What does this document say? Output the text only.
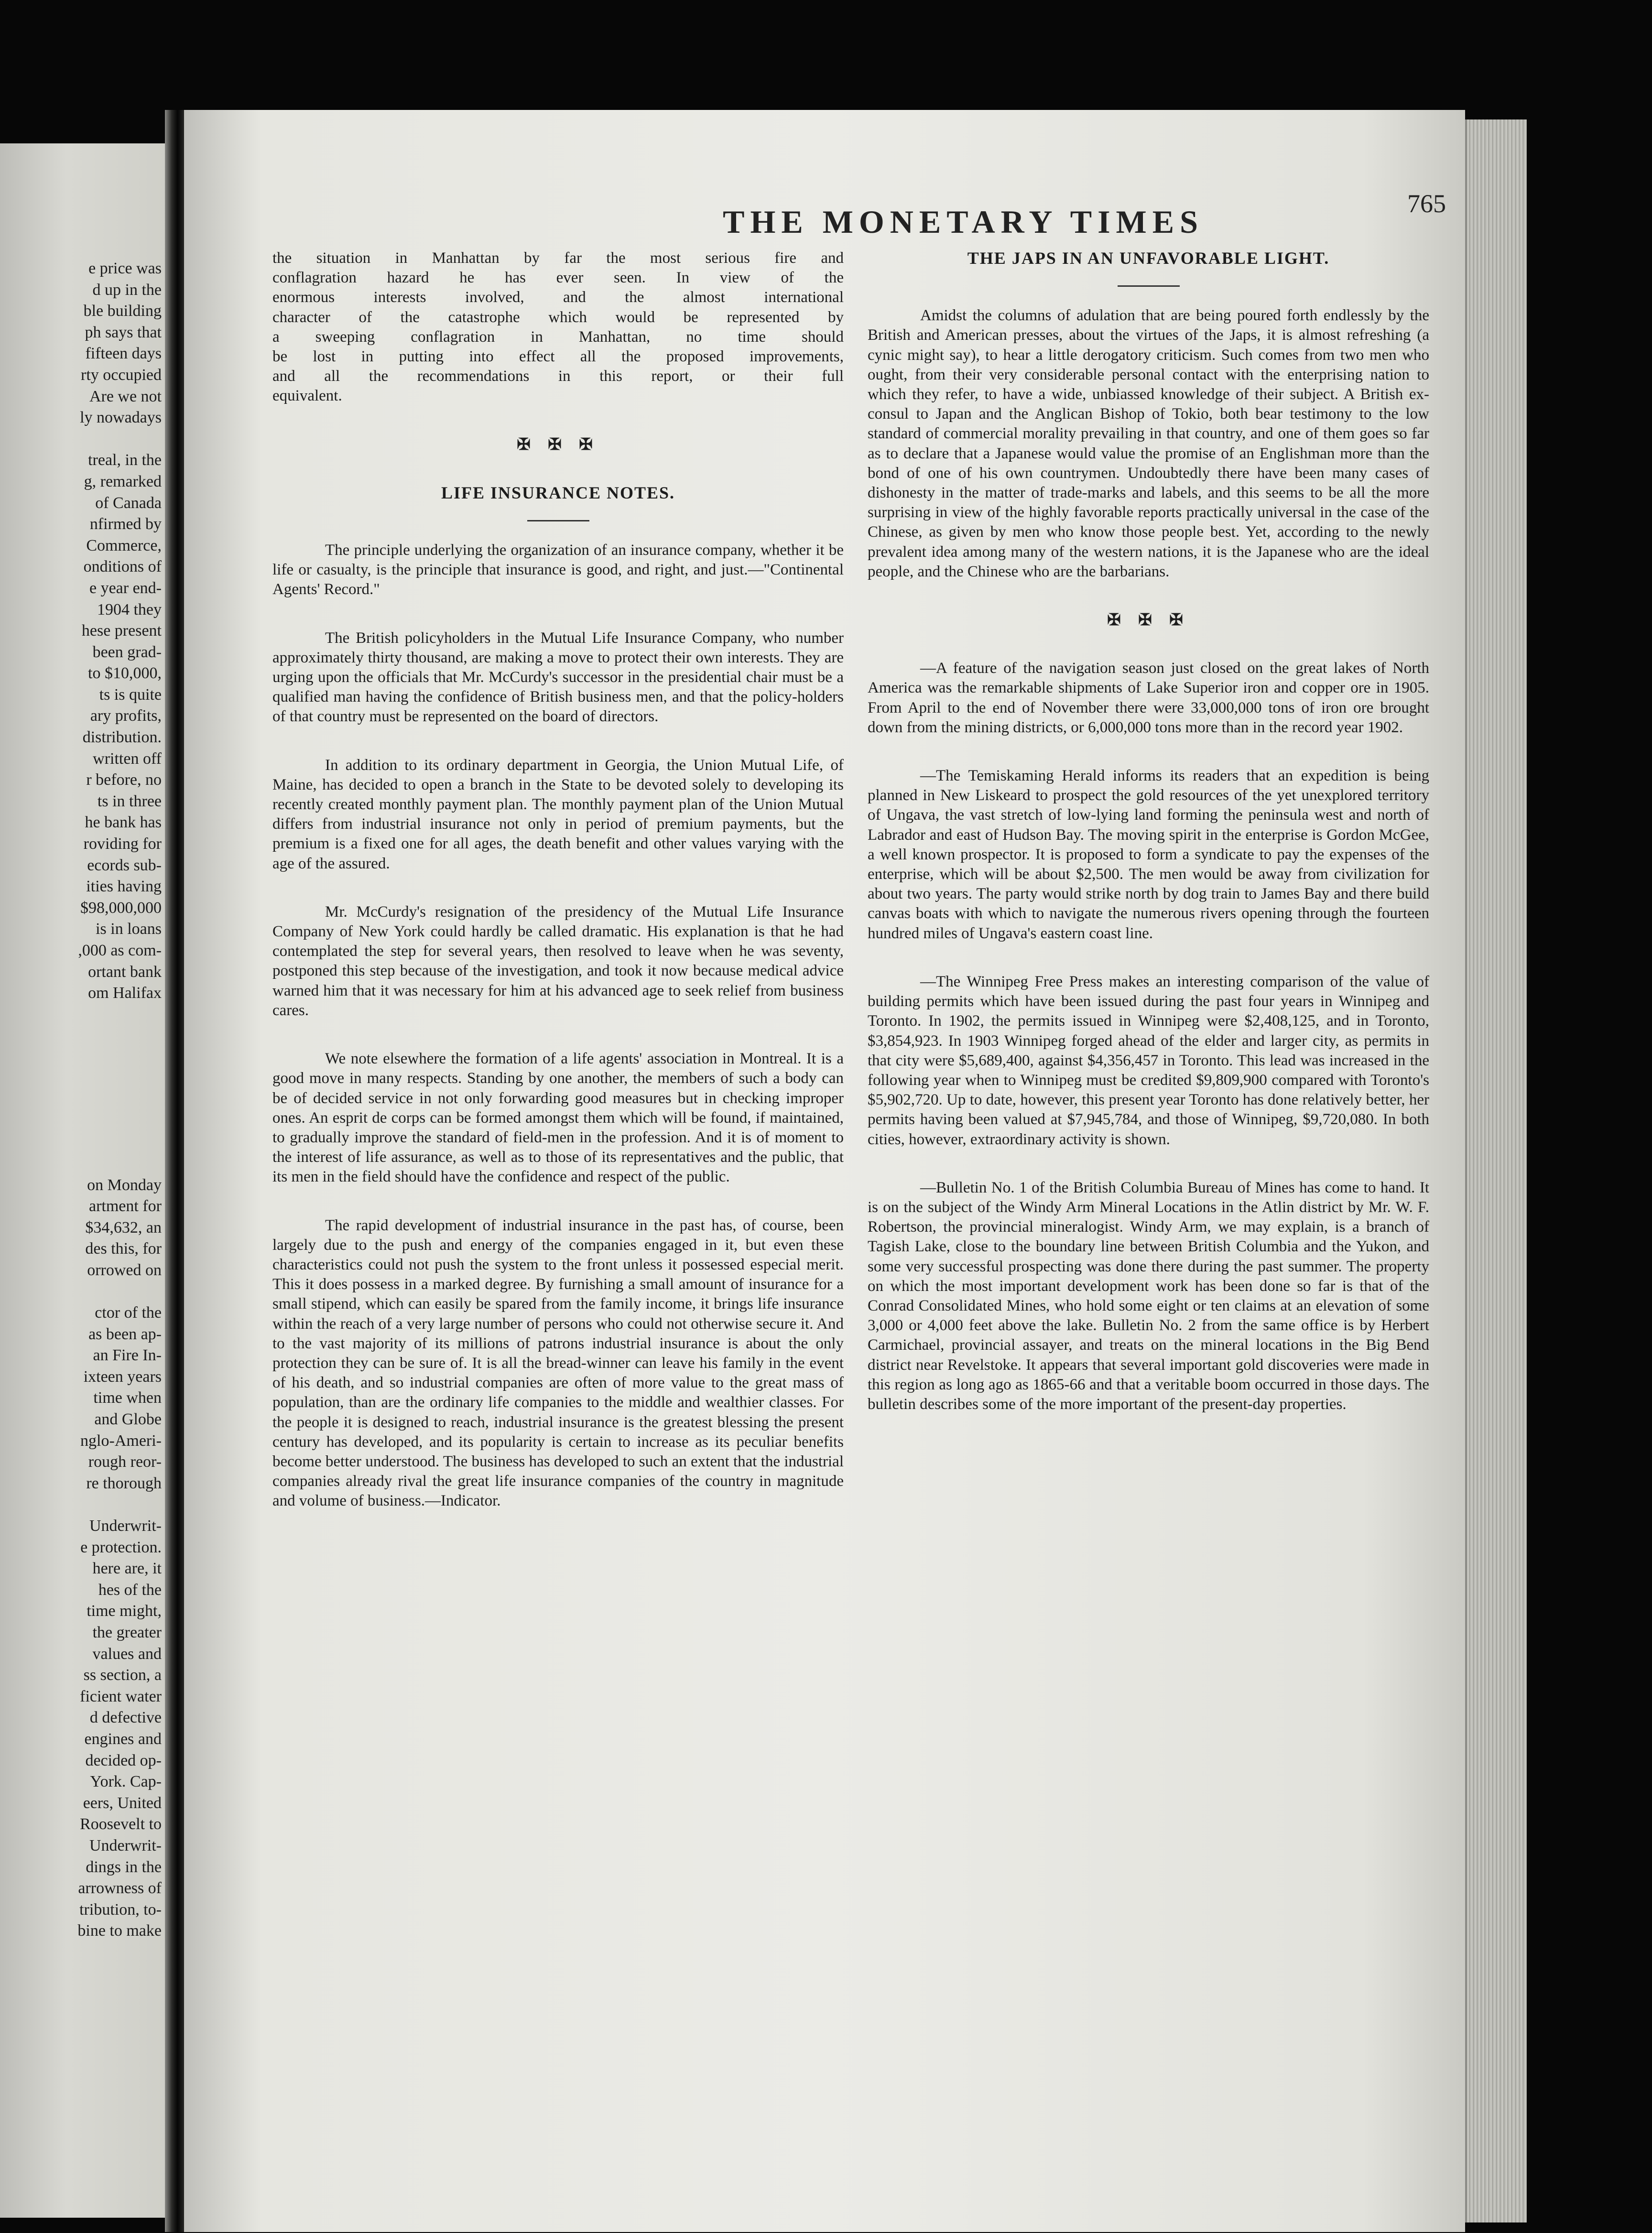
e price was
d up in the
ble building
ph says that
fifteen days
rty occupied
Are we not
ly nowadays
treal, in the
g, remarked
of Canada
nfirmed by
Commerce,
onditions of
e year end-
1904 they
hese present
been grad-
to $10,000,
ts is quite
ary profits,
distribution.
written off
r before, no
ts in three
he bank has
roviding for
ecords sub-
ities having
$98,000,000
is in loans
,000 as com-
ortant bank
om Halifax
on Monday
artment for
$34,632, an
des this, for
orrowed on
ctor of the
as been ap-
an Fire In-
ixteen years
time when
and Globe
nglo-Ameri-
rough reor-
re thorough
Underwrit-
e protection.
here are, it
hes of the
time might,
the greater
values and
ss section, a
ficient water
d defective
engines and
decided op-
York. Cap-
eers, United
Roosevelt to
Underwrit-
dings in the
arrowness of
tribution, to-
bine to make
765
THE MONETARY TIMES

the situation in Manhattan by far the most serious fire and
conflagration hazard he has ever seen. In view of the
enormous interests involved, and the almost international
character of the catastrophe which would be represented by
a sweeping conflagration in Manhattan, no time should
be lost in putting into effect all the proposed improvements,
and all the recommendations in this report, or their full
equivalent.

✠ ✠ ✠
LIFE INSURANCE NOTES.

The principle underlying the organization of an insurance company, whether it be life or casualty, is the principle that insurance is good, and right, and just.—"Continental Agents' Record."

The British policyholders in the Mutual Life Insurance Company, who number approximately thirty thousand, are making a move to protect their own interests. They are urging upon the officials that Mr. McCurdy's successor in the presidential chair must be a qualified man having the confidence of British business men, and that the policy-holders of that country must be represented on the board of directors.

In addition to its ordinary department in Georgia, the Union Mutual Life, of Maine, has decided to open a branch in the State to be devoted solely to developing its recently created monthly payment plan. The monthly payment plan of the Union Mutual differs from industrial insurance not only in period of premium payments, but the premium is a fixed one for all ages, the death benefit and other values varying with the age of the assured.

Mr. McCurdy's resignation of the presidency of the Mutual Life Insurance Company of New York could hardly be called dramatic. His explanation is that he had contemplated the step for several years, then resolved to leave when he was seventy, postponed this step because of the investigation, and took it now because medical advice warned him that it was necessary for him at his advanced age to seek relief from business cares.

We note elsewhere the formation of a life agents' association in Montreal. It is a good move in many respects. Standing by one another, the members of such a body can be of decided service in not only forwarding good measures but in checking improper ones. An esprit de corps can be formed amongst them which will be found, if maintained, to gradually improve the standard of field-men in the profession. And it is of moment to the interest of life assurance, as well as to those of its representatives and the public, that its men in the field should have the confidence and respect of the public.

The rapid development of industrial insurance in the past has, of course, been largely due to the push and energy of the companies engaged in it, but even these characteristics could not push the system to the front unless it possessed especial merit. This it does possess in a marked degree. By furnishing a small amount of insurance for a small stipend, which can easily be spared from the family income, it brings life insurance within the reach of a very large number of persons who could not otherwise secure it. And to the vast majority of its millions of patrons industrial insurance is about the only protection they can be sure of. It is all the bread-winner can leave his family in the event of his death, and so industrial companies are often of more value to the great mass of population, than are the ordinary life companies to the middle and wealthier classes. For the people it is designed to reach, industrial insurance is the greatest blessing the present century has developed, and its popularity is certain to increase as its peculiar benefits become better understood. The business has developed to such an extent that the industrial companies already rival the great life insurance companies of the country in magnitude and volume of business.—Indicator.

THE JAPS IN AN UNFAVORABLE LIGHT.

Amidst the columns of adulation that are being poured forth endlessly by the British and American presses, about the virtues of the Japs, it is almost refreshing (a cynic might say), to hear a little derogatory criticism. Such comes from two men who ought, from their very considerable personal contact with the enterprising nation to which they refer, to have a wide, unbiassed knowledge of their subject. A British ex-consul to Japan and the Anglican Bishop of Tokio, both bear testimony to the low standard of commercial morality prevailing in that country, and one of them goes so far as to declare that a Japanese would value the promise of an Englishman more than the bond of one of his own countrymen. Undoubtedly there have been many cases of dishonesty in the matter of trade-marks and labels, and this seems to be all the more surprising in view of the highly favorable reports practically universal in the case of the Chinese, as given by men who know those people best. Yet, according to the newly prevalent idea among many of the western nations, it is the Japanese who are the ideal people, and the Chinese who are the barbarians.

✠ ✠ ✠

—A feature of the navigation season just closed on the great lakes of North America was the remarkable shipments of Lake Superior iron and copper ore in 1905. From April to the end of November there were 33,000,000 tons of iron ore brought down from the mining districts, or 6,000,000 tons more than in the record year 1902.

—The Temiskaming Herald informs its readers that an expedition is being planned in New Liskeard to prospect the gold resources of the yet unexplored territory of Ungava, the vast stretch of low-lying land forming the peninsula west and north of Labrador and east of Hudson Bay. The moving spirit in the enterprise is Gordon McGee, a well known prospector. It is proposed to form a syndicate to pay the expenses of the enterprise, which will be about $2,500. The men would be away from civilization for about two years. The party would strike north by dog train to James Bay and there build canvas boats with which to navigate the numerous rivers opening through the fourteen hundred miles of Ungava's eastern coast line.

—The Winnipeg Free Press makes an interesting comparison of the value of building permits which have been issued during the past four years in Winnipeg and Toronto. In 1902, the permits issued in Winnipeg were $2,408,125, and in Toronto, $3,854,923. In 1903 Winnipeg forged ahead of the elder and larger city, as permits in that city were $5,689,400, against $4,356,457 in Toronto. This lead was increased in the following year when to Winnipeg must be credited $9,809,900 compared with Toronto's $5,902,720. Up to date, however, this present year Toronto has done relatively better, her permits having been valued at $7,945,784, and those of Winnipeg, $9,720,080. In both cities, however, extraordinary activity is shown.

—Bulletin No. 1 of the British Columbia Bureau of Mines has come to hand. It is on the subject of the Windy Arm Mineral Locations in the Atlin district by Mr. W. F. Robertson, the provincial mineralogist. Windy Arm, we may explain, is a branch of Tagish Lake, close to the boundary line between British Columbia and the Yukon, and some very successful prospecting was done there during the past summer. The property on which the most important development work has been done so far is that of the Conrad Consolidated Mines, who hold some eight or ten claims at an elevation of some 3,000 or 4,000 feet above the lake. Bulletin No. 2 from the same office is by Herbert Carmichael, provincial assayer, and treats on the mineral locations in the Big Bend district near Revelstoke. It appears that several important gold discoveries were made in this region as long ago as 1865-66 and that a veritable boom occurred in those days. The bulletin describes some of the more important of the present-day properties.
